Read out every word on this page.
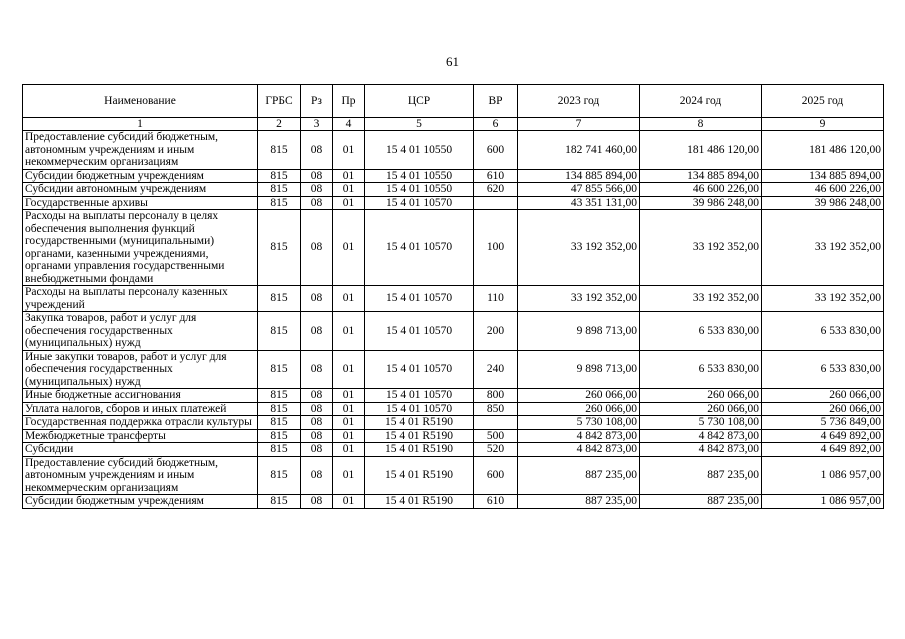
61
Наименование	ГРБС	Рз	Пр	ЦСР	ВР	2023 год	2024 год	2025 год
1	2	3	4	5	6	7	8	9
Предоставление субсидий бюджетным, автономным учреждениям и иным некоммерческим организациям	815	08	01	15 4 01 10550	600	182 741 460,00	181 486 120,00	181 486 120,00
Субсидии бюджетным учреждениям	815	08	01	15 4 01 10550	610	134 885 894,00	134 885 894,00	134 885 894,00
Субсидии автономным учреждениям	815	08	01	15 4 01 10550	620	47 855 566,00	46 600 226,00	46 600 226,00
Государственные архивы	815	08	01	15 4 01 10570		43 351 131,00	39 986 248,00	39 986 248,00
Расходы на выплаты персоналу в целях обеспечения выполнения функций государственными (муниципальными) органами, казенными учреждениями, органами управления государственными внебюджетными фондами	815	08	01	15 4 01 10570	100	33 192 352,00	33 192 352,00	33 192 352,00
Расходы на выплаты персоналу казенных учреждений	815	08	01	15 4 01 10570	110	33 192 352,00	33 192 352,00	33 192 352,00
Закупка товаров, работ и услуг для обеспечения государственных (муниципальных) нужд	815	08	01	15 4 01 10570	200	9 898 713,00	6 533 830,00	6 533 830,00
Иные закупки товаров, работ и услуг для обеспечения государственных (муниципальных) нужд	815	08	01	15 4 01 10570	240	9 898 713,00	6 533 830,00	6 533 830,00
Иные бюджетные ассигнования	815	08	01	15 4 01 10570	800	260 066,00	260 066,00	260 066,00
Уплата налогов, сборов и иных платежей	815	08	01	15 4 01 10570	850	260 066,00	260 066,00	260 066,00
Государственная поддержка отрасли культуры	815	08	01	15 4 01 R5190		5 730 108,00	5 730 108,00	5 736 849,00
Межбюджетные трансферты	815	08	01	15 4 01 R5190	500	4 842 873,00	4 842 873,00	4 649 892,00
Субсидии	815	08	01	15 4 01 R5190	520	4 842 873,00	4 842 873,00	4 649 892,00
Предоставление субсидий бюджетным, автономным учреждениям и иным некоммерческим организациям	815	08	01	15 4 01 R5190	600	887 235,00	887 235,00	1 086 957,00
Субсидии бюджетным учреждениям	815	08	01	15 4 01 R5190	610	887 235,00	887 235,00	1 086 957,00
